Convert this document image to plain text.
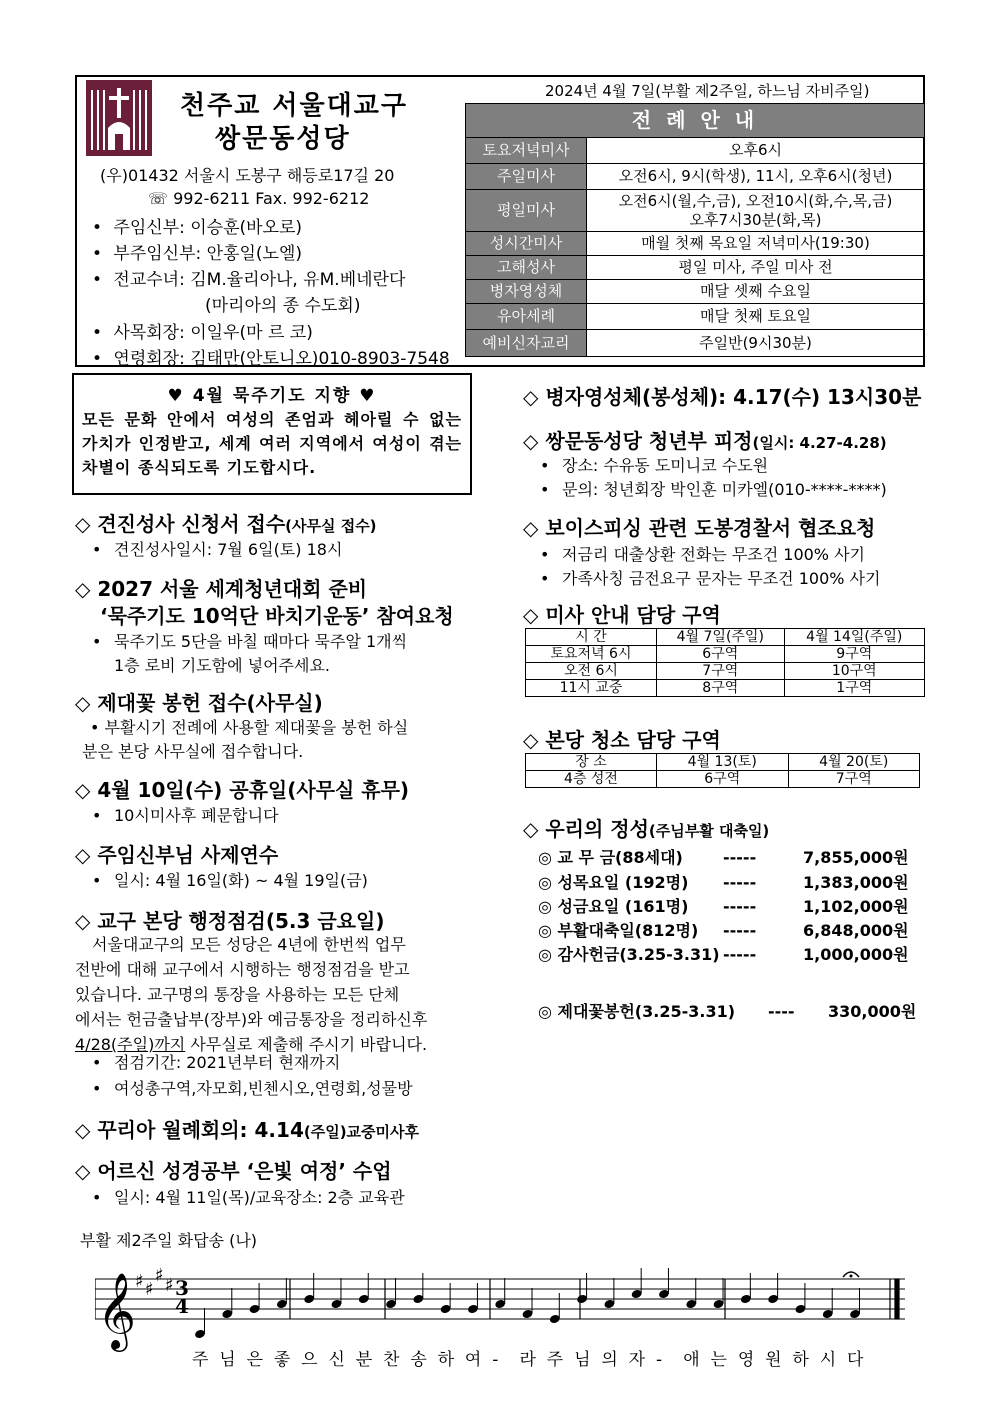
천주교 서울대교구
쌍문동성당
(우)01432 서울시 도봉구 해등로17길 20
☏ 992-6211 Fax. 992-6212
• 주임신부: 이승훈(바오로)
• 부주임신부: 안홍일(노엘)
• 전교수녀: 김M.율리아나, 유M.베네란다
(마리아의 종 수도회)
• 사목회장: 이일우(마 르 코)
• 연령회장: 김태만(안토니오)010-8903-7548
2024년 4월 7일(부활 제2주일, 하느님 자비주일)
전 례 안 내	
토요저녁미사	오후6시
주일미사	오전6시, 9시(학생), 11시, 오후6시(청년)
평일미사	오전6시(월,수,금), 오전10시(화,수,목,금)
오후7시30분(화,목)

성시간미사	매월 첫째 목요일 저녁미사(19:30)
고해성사	평일 미사, 주일 미사 전
병자영성체	매달 셋째 수요일
유아세례	매달 첫째 토요일
예비신자교리	주일반(9시30분)
♥ 4월 묵주기도 지향 ♥
모든 문화 안에서 여성의 존엄과 헤아릴 수 없는 가치가 인정받고, 세계 여러 지역에서 여성이 겪는 차별이 종식되도록 기도합시다.
◇ 견진성사 신청서 접수(사무실 접수)
• 견진성사일시: 7월 6일(토) 18시
◇ 2027 서울 세계청년대회 준비
‘묵주기도 10억단 바치기운동’ 참여요청
• 묵주기도 5단을 바칠 때마다 묵주알 1개씩
1층 로비 기도함에 넣어주세요.
◇ 제대꽃 봉헌 접수(사무실)
• 부활시기 전례에 사용할 제대꽃을 봉헌 하실
분은 본당 사무실에 접수합니다.
◇ 4월 10일(수) 공휴일(사무실 휴무)
• 10시미사후 폐문합니다
◇ 주임신부님 사제연수
• 일시: 4월 16일(화) ~ 4월 19일(금)
◇ 교구 본당 행정점검(5.3 금요일)
서울대교구의 모든 성당은 4년에 한번씩 업무
전반에 대해 교구에서 시행하는 행정점검을 받고
있습니다. 교구명의 통장을 사용하는 모든 단체
에서는 헌금출납부(장부)와 예금통장을 정리하신후
4/28(주일)까지 사무실로 제출해 주시기 바랍니다.
• 점검기간: 2021년부터 현재까지
• 여성총구역,자모회,빈첸시오,연령회,성물방
◇ 꾸리아 월례회의: 4.14(주일)교중미사후
◇ 어르신 성경공부 ‘은빛 여정’ 수업
• 일시: 4월 11일(목)/교육장소: 2층 교육관
◇ 병자영성체(봉성체): 4.17(수) 13시30분
◇ 쌍문동성당 청년부 피정(일시: 4.27-4.28)
• 장소: 수유동 도미니코 수도원
• 문의: 청년회장 박인훈 미카엘(010-****-****)
◇ 보이스피싱 관련 도봉경찰서 협조요청
• 저금리 대출상환 전화는 무조건 100% 사기
• 가족사칭 금전요구 문자는 무조건 100% 사기
◇ 미사 안내 담당 구역
시 간	4월 7일(주일)	4월 14일(주일)
토요저녁 6시	6구역	9구역
오전 6시	7구역	10구역
11시 교중	8구역	1구역
◇ 본당 청소 담당 구역
장 소	4월 13(토)	4월 20(토)
4층 성전	6구역	7구역
◇ 우리의 정성(주님부활 대축일)
◎ 교 무 금(88세대)	-----	7,855,000원
◎ 성목요일 (192명) -----	1,383,000원
◎ 성금요일 (161명) -----	1,102,000원
◎ 부활대축일(812명) -----	6,848,000원
◎ 감사헌금(3.25-3.31) -----	1,000,000원
◎ 제대꽃봉헌(3.25-3.31) ---- 330,000원
부활 제2주일 화답송 (나)
𝄞
♯ ♯
♯ ♯ 3
4
주 님 은 좋 으 신 분 찬 송 하 여 - 라 주 님 의 자 - 애 는 영 원 하 시 다
